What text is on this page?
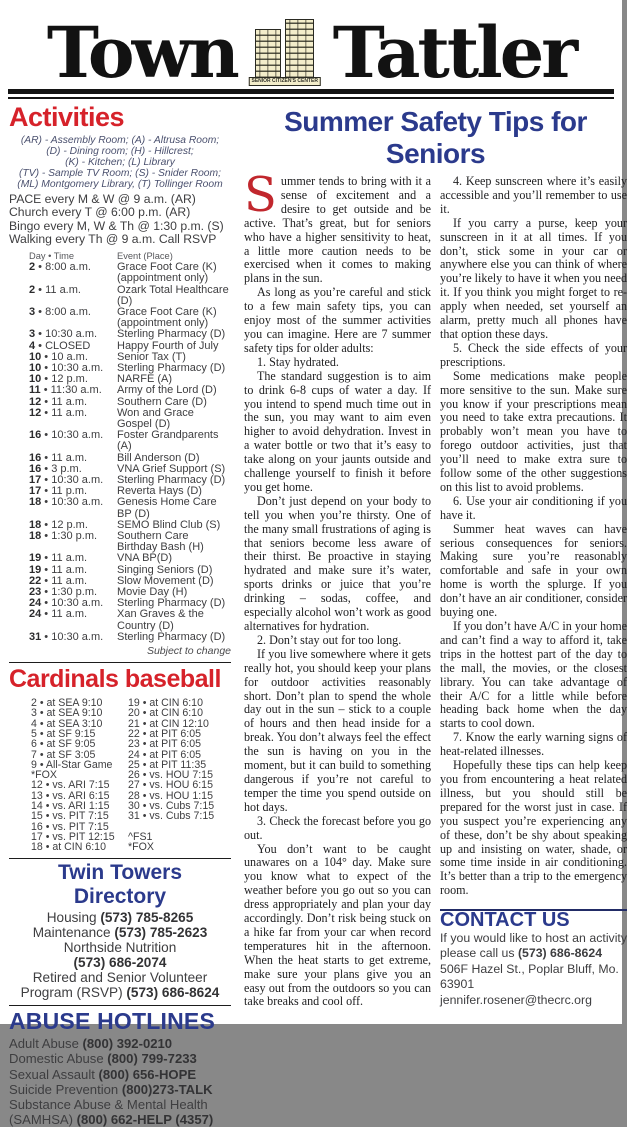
Town	SENIOR CITIZEN'S CENTER Tattler
Activities
(AR) - Assembly Room; (A) - Altrusa Room;
(D) - Dining room; (H) - Hillcrest;
(K) - Kitchen; (L) Library
(TV) - Sample TV Room; (S) - Snider Room;
(ML) Montgomery Library, (T) Tollinger Room
PACE every M & W @ 9 a.m. (AR)
Church every T @ 6:00 p.m. (AR)
Bingo every M, W & Th @ 1:30 p.m. (S)
Walking every Th @ 9 a.m. Call RSVP
Day • Time	Event (Place)
2 • 8:00 a.m.	Grace Foot Care (K)
(appointment only)
2 • 11 a.m.	Ozark Total Healthcare (D)
3 • 8:00 a.m.	Grace Foot Care (K)
(appointment only)
3 • 10:30 a.m.	Sterling Pharmacy (D)
4 • CLOSED	Happy Fourth of July
10 • 10 a.m.	Senior Tax (T)
10 • 10:30 a.m.	Sterling Pharmacy (D)
10 • 12 p.m.	NARFE (A)
11 • 11:30 a.m.	Army of the Lord (D)
12 • 11 a.m.	Southern Care (D)
12 • 11 a.m.	Won and Grace Gospel (D)
16 • 10:30 a.m.	Foster Grandparents (A)
16 • 11 a.m.	Bill Anderson (D)
16 • 3 p.m.	VNA Grief Support (S)
17 • 10:30 a.m.	Sterling Pharmacy (D)
17 • 11 p.m.	Reverta Hays (D)
18 • 10:30 a.m.	Genesis Home Care BP (D)
18 • 12 p.m.	SEMO Blind Club (S)
18 • 1:30 p.m.	Southern Care Birthday Bash (H)
19 • 11 a.m.	VNA BP(D)
19 • 11 a.m.	Singing Seniors (D)
22 • 11 a.m.	Slow Movement (D)
23 • 1:30 p.m.	Movie Day (H)
24 • 10:30 a.m.	Sterling Pharmacy (D)
24 • 11 a.m.	Xan Graves & the Country (D)
31 • 10:30 a.m.	Sterling Pharmacy (D)
Subject to change
Cardinals baseball
2 • at SEA 9:10
3 • at SEA 9:10
4 • at SEA 3:10
5 • at SF 9:15
6 • at SF 9:05
7 • at SF 3:05
9 • All-Star Game
*FOX
12 • vs. ARI 7:15
13 • vs. ARI 6:15
14 • vs. ARI 1:15
15 • vs. PIT 7:15
16 • vs. PIT 7:15
17 • vs. PIT 12:15
18 • at CIN 6:10
19 • at CIN 6:10
20 • at CIN 6:10
21 • at CIN 12:10
22 • at PIT 6:05
23 • at PIT 6:05
24 • at PIT 6:05
25 • at PIT 11:35
26 • vs. HOU 7:15
27 • vs. HOU 6:15
28 • vs. HOU 1:15
30 • vs. Cubs 7:15
31 • vs. Cubs 7:15

^FS1
*FOX
Twin Towers Directory
Housing (573) 785-8265
Maintenance (573) 785-2623
Northside Nutrition
(573) 686-2074
Retired and Senior Volunteer
Program (RSVP) (573) 686-8624
ABUSE HOTLINES
Adult Abuse (800) 392-0210
Domestic Abuse (800) 799-7233
Sexual Assault (800) 656-HOPE
Suicide Prevention (800)273-TALK
Substance Abuse & Mental Health
(SAMHSA) (800) 662-HELP (4357)
Summer Safety Tips for Seniors

Summer tends to bring with it a sense of excitement and a desire to get outside and be active. That’s great, but for seniors who have a higher sensitivity to heat, a little more caution needs to be exercised when it comes to making plans in the sun.

As long as you’re careful and stick to a few main safety tips, you can enjoy most of the summer activities you can imagine. Here are 7 summer safety tips for older adults:

1. Stay hydrated.

The standard suggestion is to aim to drink 6-8 cups of water a day. If you intend to spend much time out in the sun, you may want to aim even higher to avoid dehydration. Invest in a water bottle or two that it’s easy to take along on your jaunts outside and challenge yourself to finish it before you get home.

Don’t just depend on your body to tell you when you’re thirsty. One of the many small frustrations of aging is that seniors become less aware of their thirst. Be proactive in staying hydrated and make sure it’s water, sports drinks or juice that you’re drinking – sodas, coffee, and especially alcohol won’t work as good alternatives for hydration.

2. Don’t stay out for too long.

If you live somewhere where it gets really hot, you should keep your plans for outdoor activities reasonably short. Don’t plan to spend the whole day out in the sun – stick to a couple of hours and then head inside for a break. You don’t always feel the effect the sun is having on you in the moment, but it can build to something dangerous if you’re not careful to temper the time you spend outside on hot days.

3. Check the forecast before you go out.

You don’t want to be caught unawares on a 104° day. Make sure you know what to expect of the weather before you go out so you can dress appropriately and plan your day accordingly. Don’t risk being stuck on a hike far from your car when record temperatures hit in the afternoon. When the heat starts to get extreme, make sure your plans give you an easy out from the outdoors so you can take breaks and cool off.

4. Keep sunscreen where it’s easily accessible and you’ll remember to use it.

If you carry a purse, keep your sunscreen in it at all times. If you don’t, stick some in your car or anywhere else you can think of where you’re likely to have it when you need it. If you think you might forget to re-apply when needed, set yourself an alarm, pretty much all phones have that option these days.

5. Check the side effects of your prescriptions.

Some medications make people more sensitive to the sun. Make sure you know if your prescriptions mean you need to take extra precautions. It probably won’t mean you have to forego outdoor activities, just that you’ll need to make extra sure to follow some of the other suggestions on this list to avoid problems.

6. Use your air conditioning if you have it.

Summer heat waves can have serious consequences for seniors. Making sure you’re reasonably comfortable and safe in your own home is worth the splurge. If you don’t have an air conditioner, consider buying one.

If you don’t have A/C in your home and can’t find a way to afford it, take trips in the hottest part of the day to the mall, the movies, or the closest library. You can take advantage of their A/C for a little while before heading back home when the day starts to cool down.

7. Know the early warning signs of heat-related illnesses.

Hopefully these tips can help keep you from encountering a heat related illness, but you should still be prepared for the worst just in case. If you suspect you’re experiencing any of these, don’t be shy about speaking up and insisting on water, shade, or some time inside in air conditioning. It’s better than a trip to the emergency room.

CONTACT US

If you would like to host an activity please call us (573) 686-8624

506F Hazel St., Poplar Bluff, Mo. 63901

jennifer.rosener@thecrc.org
